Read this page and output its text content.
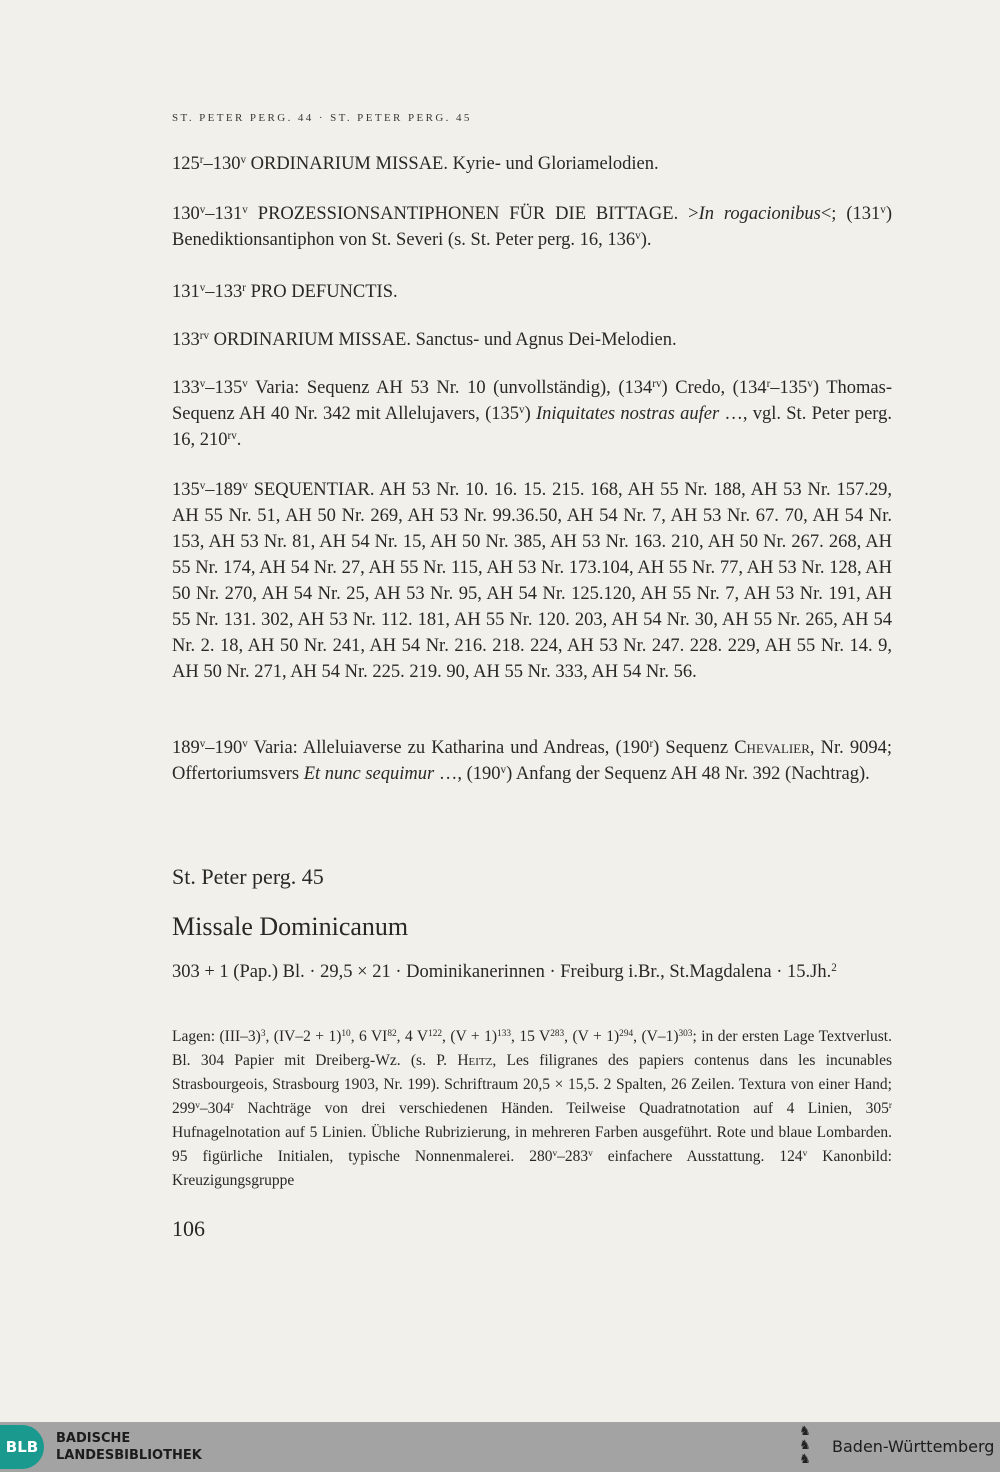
ST. PETER PERG. 44 · ST. PETER PERG. 45
125$^r$–130$^v$ ORDINARIUM MISSAE. Kyrie- und Gloriamelodien.
130$^v$–131$^v$ PROZESSIONSANTIPHONEN FÜR DIE BITTAGE. >In rogacionibus<; (131$^v$) Benediktionsantiphon von St. Severi (s. St. Peter perg. 16, 136$^v$).
131$^v$–133$^r$ PRO DEFUNCTIS.
$133^{rv}$ ORDINARIUM MISSAE. Sanctus- und Agnus Dei-Melodien.
133$^v$–135$^v$ Varia: Sequenz AH 53 Nr. 10 (unvollständig), $(134^{rv})$ Credo, (134$^r$–135$^v$) Thomas-Sequenz AH 40 Nr. 342 mit Allelujavers, (135$^v$) Iniquitates nostras aufer …, vgl. St. Peter perg. 16, $210^{rv}$.
135$^v$–189$^v$ SEQUENTIAR. AH 53 Nr. 10. 16. 15. 215. 168, AH 55 Nr. 188, AH 53 Nr. 157.29, AH 55 Nr. 51, AH 50 Nr. 269, AH 53 Nr. 99.36.50, AH 54 Nr. 7, AH 53 Nr. 67. 70, AH 54 Nr. 153, AH 53 Nr. 81, AH 54 Nr. 15, AH 50 Nr. 385, AH 53 Nr. 163. 210, AH 50 Nr. 267. 268, AH 55 Nr. 174, AH 54 Nr. 27, AH 55 Nr. 115, AH 53 Nr. 173.104, AH 55 Nr. 77, AH 53 Nr. 128, AH 50 Nr. 270, AH 54 Nr. 25, AH 53 Nr. 95, AH 54 Nr. 125.120, AH 55 Nr. 7, AH 53 Nr. 191, AH 55 Nr. 131. 302, AH 53 Nr. 112. 181, AH 55 Nr. 120. 203, AH 54 Nr. 30, AH 55 Nr. 265, AH 54 Nr. 2. 18, AH 50 Nr. 241, AH 54 Nr. 216. 218. 224, AH 53 Nr. 247. 228. 229, AH 55 Nr. 14. 9, AH 50 Nr. 271, AH 54 Nr. 225. 219. 90, AH 55 Nr. 333, AH 54 Nr. 56.
189$^v$–190$^v$ Varia: Alleluiaverse zu Katharina und Andreas, (190$^r$) Sequenz Chevalier, Nr. 9094; Offertoriumsvers Et nunc sequimur …, (190$^v$) Anfang der Sequenz AH 48 Nr. 392 (Nachtrag).
St. Peter perg. 45
Missale Dominicanum
303 + 1 (Pap.) Bl. · 29,5 × 21 · Dominikanerinnen · Freiburg i.Br., St.Magdalena · 15.Jh.$^2$
Lagen: $(III-3)^3$, $(IV-2 + 1)^{10}$, 6 VI$^{82}$, 4 $V^{122}$, $(V + 1)^{133}$, 15 $V^{283}$, $(V + 1)^{294}$, $(V-1)^{303}$; in der ersten Lage Textverlust. Bl. 304 Papier mit Dreiberg-Wz. (s. P. Heitz, Les filigranes des papiers contenus dans les incunables Strasbourgeois, Strasbourg 1903, Nr. 199). Schriftraum 20,5 × 15,5. 2 Spalten, 26 Zeilen. Textura von einer Hand; 299$^v$–304$^r$ Nachträge von drei verschiedenen Händen. Teilweise Quadratnotation auf 4 Linien, 305$^r$ Hufnagelnotation auf 5 Linien. Übliche Rubrizierung, in mehreren Farben ausgeführt. Rote und blaue Lombarden. 95 figürliche Initialen, typische Nonnenmalerei. 280$^v$–283$^v$ einfachere Ausstattung. 124$^v$ Kanonbild: Kreuzigungsgruppe
106
BLB	BADISCHE
LANDESBIBLIOTHEK
♞
♞
♞
Baden-Württemberg
